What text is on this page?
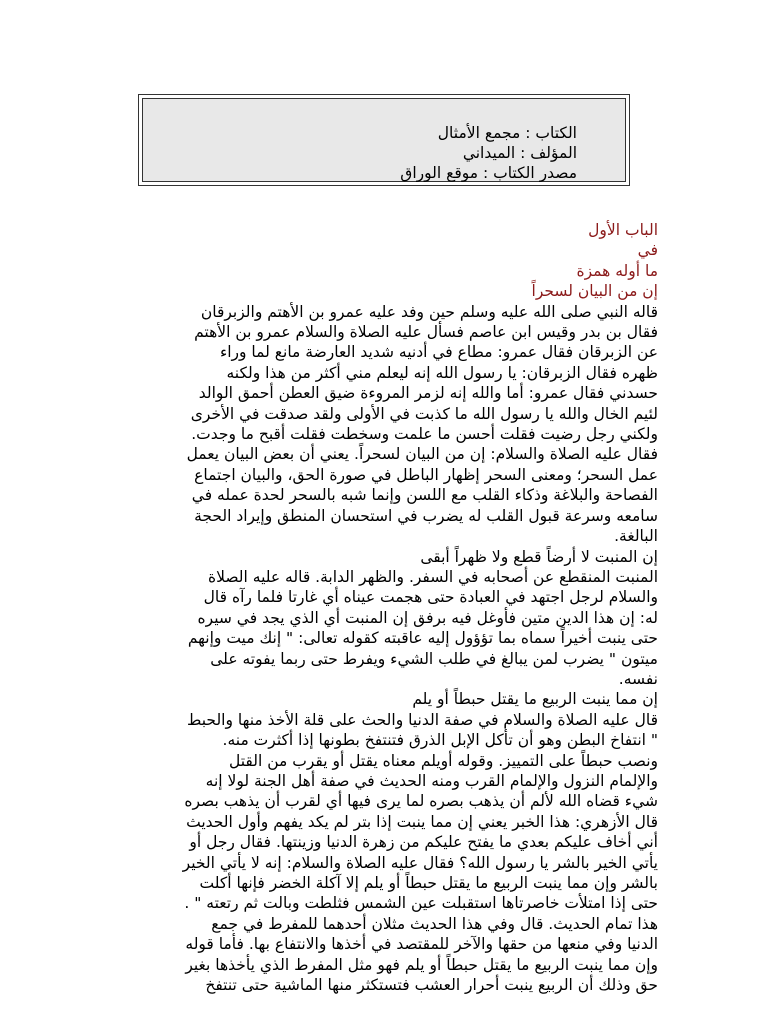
الكتاب : مجمع الأمثال
المؤلف : الميداني
مصدر الكتاب : موقع الوراق
الباب الأول
في
ما أوله همزة
إن من البيان لسحراً
قاله النبي صلى الله عليه وسلم حين وفد عليه عمرو بن الأهتم والزبرقان
فقال بن بدر وقيس ابن عاصم فسأل عليه الصلاة والسلام عمرو بن الأهتم
عن الزبرقان فقال عمرو: مطاع في أدنيه شديد العارضة مانع لما وراء
ظهره فقال الزبرقان: يا رسول الله إنه ليعلم مني أكثر من هذا ولكنه
حسدني فقال عمرو: أما والله إنه لزمر المروءة ضيق العطن أحمق الوالد
لئيم الخال والله يا رسول الله ما كذبت في الأولى ولقد صدقت في الأخرى
ولكني رجل رضيت فقلت أحسن ما علمت وسخطت فقلت أقبح ما وجدت.
فقال عليه الصلاة والسلام: إن من البيان لسحراً. يعني أن بعض البيان يعمل
عمل السحر؛ ومعنى السحر إظهار الباطل في صورة الحق، والبيان اجتماع
الفصاحة والبلاغة وذكاء القلب مع اللسن وإنما شبه بالسحر لحدة عمله في
سامعه وسرعة قبول القلب له يضرب في استحسان المنطق وإيراد الحجة
البالغة.
إن المنبت لا أرضاً قطع ولا ظهراً أبقى
المنبت المنقطع عن أصحابه في السفر. والظهر الدابة. قاله عليه الصلاة
والسلام لرجل اجتهد في العبادة حتى هجمت عيناه أي غارتا فلما رآه قال
له: إن هذا الدين متين فأوغل فيه برفق إن المنبت أي الذي يجد في سيره
حتى ينبت أخيراً سماه بما تؤؤول إليه عاقبته كقوله تعالى: " إنك ميت وإنهم
ميتون " يضرب لمن يبالغ في طلب الشيء ويفرط حتى ربما يفوته على
نفسه.
إن مما ينبت الربيع ما يقتل حبطاً أو يلم
قال عليه الصلاة والسلام في صفة الدنيا والحث على قلة الأخذ منها والحبط
" انتفاخ البطن وهو أن تأكل الإبل الذرق فتنتفخ بطونها إذا أكثرت منه.
ونصب حبطاً على التمييز. وقوله أويلم معناه يقتل أو يقرب من القتل
والإلمام النزول والإلمام القرب ومنه الحديث في صفة أهل الجنة لولا إنه
شيء قضاه الله لألم أن يذهب بصره لما يرى فيها أي لقرب أن يذهب بصره
قال الأزهري: هذا الخبر يعني إن مما ينبت إذا بتر لم يكد يفهم وأول الحديث
أني أخاف عليكم بعدي ما يفتح عليكم من زهرة الدنيا وزينتها. فقال رجل أو
يأتي الخير بالشر يا رسول الله؟ فقال عليه الصلاة والسلام: إنه لا يأتي الخير
بالشر وإن مما ينبت الربيع ما يقتل حبطاً أو يلم إلا آكلة الخضر فإنها أكلت
حتى إذا امتلأت خاصرتاها استقبلت عين الشمس فثلطت وبالت ثم رتعته " .
هذا تمام الحديث. قال وفي هذا الحديث مثلان أحدهما للمفرط في جمع
الدنيا وفي منعها من حقها والآخر للمقتصد في أخذها والانتفاع بها. فأما قوله
وإن مما ينبت الربيع ما يقتل حبطاً أو يلم فهو مثل المفرط الذي يأخذها بغير
حق وذلك أن الربيع ينبت أحرار العشب فتستكثر منها الماشية حتى تنتفخ
